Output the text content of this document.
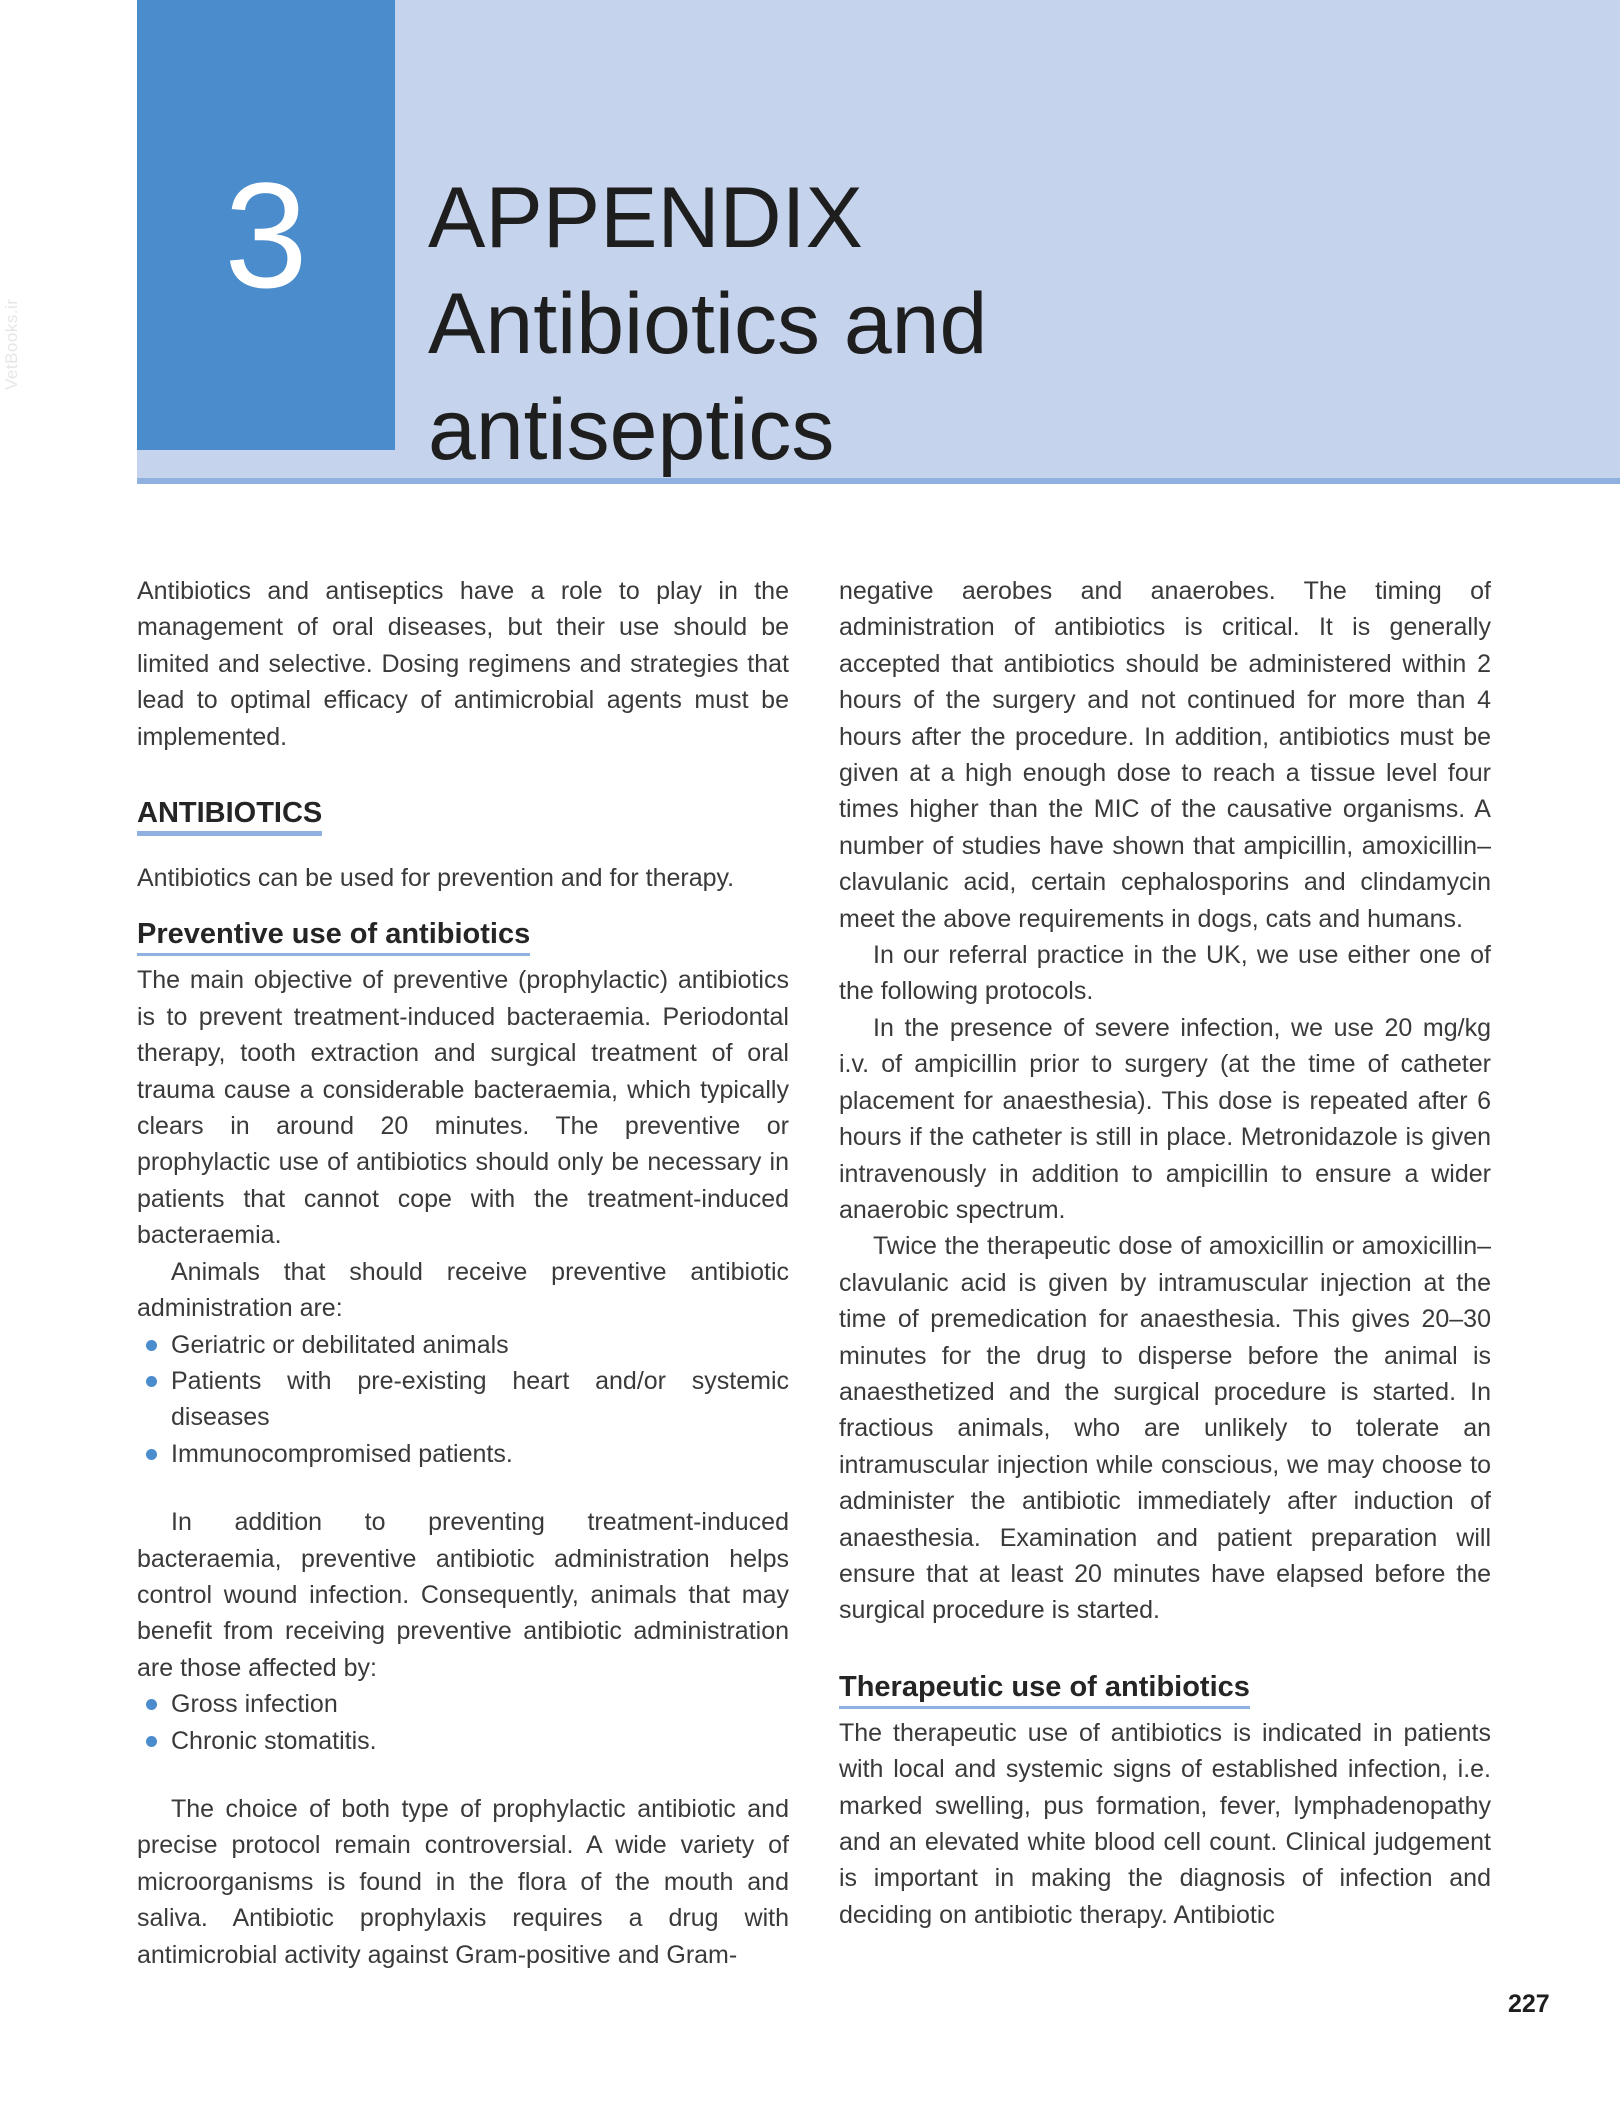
VetBooks.ir
3	APPENDIX
Antibiotics and
antiseptics

Antibiotics and antiseptics have a role to play in the management of oral diseases, but their use should be limited and selective. Dosing regimens and strategies that lead to optimal efficacy of antimicrobial agents must be implemented.

ANTIBIOTICS

Antibiotics can be used for prevention and for therapy.

Preventive use of antibiotics

The main objective of preventive (prophylactic) antibiotics is to prevent treatment-induced bacteraemia. Periodontal therapy, tooth extraction and surgical treatment of oral trauma cause a considerable bacteraemia, which typically clears in around 20 minutes. The preventive or prophylactic use of antibiotics should only be necessary in patients that cannot cope with the treatment-induced bacteraemia.

Animals that should receive preventive antibiotic administration are:

Geriatric or debilitated animals
Patients with pre-existing heart and/or systemic diseases
Immunocompromised patients.

In addition to preventing treatment-induced bacteraemia, preventive antibiotic administration helps control wound infection. Consequently, animals that may benefit from receiving preventive antibiotic administration are those affected by:

Gross infection
Chronic stomatitis.

The choice of both type of prophylactic antibiotic and precise protocol remain controversial. A wide variety of microorganisms is found in the flora of the mouth and saliva. Antibiotic prophylaxis requires a drug with antimicrobial activity against Gram-positive and Gram-

negative aerobes and anaerobes. The timing of administration of antibiotics is critical. It is generally accepted that antibiotics should be administered within 2 hours of the surgery and not continued for more than 4 hours after the procedure. In addition, antibiotics must be given at a high enough dose to reach a tissue level four times higher than the MIC of the causative organisms. A number of studies have shown that ampicillin, amoxicillin–clavulanic acid, certain cephalosporins and clindamycin meet the above requirements in dogs, cats and humans.

In our referral practice in the UK, we use either one of the following protocols.

In the presence of severe infection, we use 20 mg/kg i.v. of ampicillin prior to surgery (at the time of catheter placement for anaesthesia). This dose is repeated after 6 hours if the catheter is still in place. Metronidazole is given intravenously in addition to ampicillin to ensure a wider anaerobic spectrum.

Twice the therapeutic dose of amoxicillin or amoxicillin–clavulanic acid is given by intramuscular injection at the time of premedication for anaesthesia. This gives 20–30 minutes for the drug to disperse before the animal is anaesthetized and the surgical procedure is started. In fractious animals, who are unlikely to tolerate an intramuscular injection while conscious, we may choose to administer the antibiotic immediately after induction of anaesthesia. Examination and patient preparation will ensure that at least 20 minutes have elapsed before the surgical procedure is started.

Therapeutic use of antibiotics

The therapeutic use of antibiotics is indicated in patients with local and systemic signs of established infection, i.e. marked swelling, pus formation, fever, lymphadenopathy and an elevated white blood cell count. Clinical judgement is important in making the diagnosis of infection and deciding on antibiotic therapy. Antibiotic

227
